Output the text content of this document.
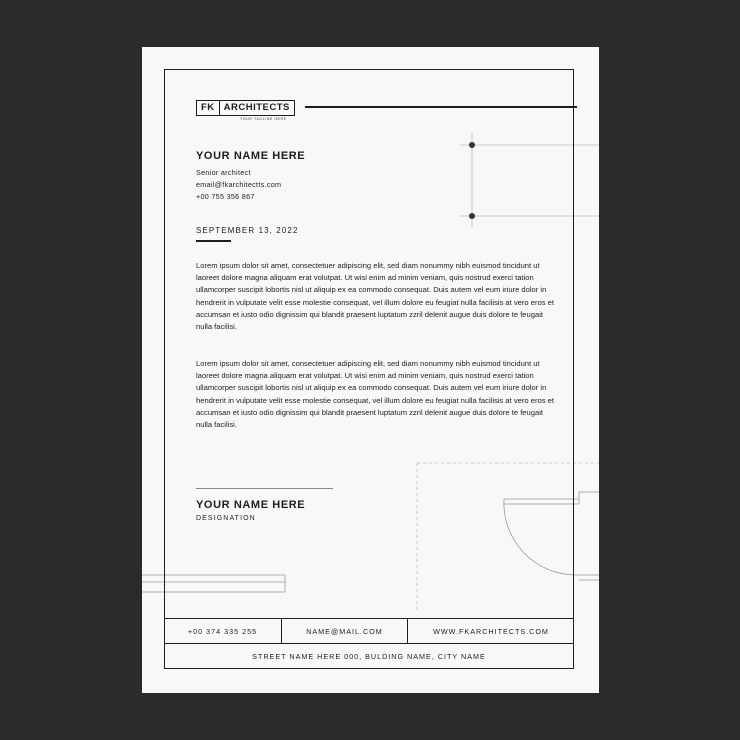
FK ARCHITECTS
YOUR TAGLINE HERE
YOUR NAME HERE
Senior architect
email@fkarchitectts.com
+00 755 356 867
SEPTEMBER 13, 2022

Lorem ipsum dolor sit amet, consectetuer adipiscing elit, sed diam nonummy nibh euismod tincidunt ut laoreet dolore magna aliquam erat volutpat. Ut wisi enim ad minim veniam, quis nostrud exerci tation ullamcorper suscipit lobortis nisl ut aliquip ex ea commodo consequat. Duis autem vel eum iriure dolor in hendrerit in vulputate velit esse molestie consequat, vel illum dolore eu feugiat nulla facilisis at vero eros et accumsan et iusto odio dignissim qui blandit praesent luptatum zzril delenit augue duis dolore te feugait nulla facilisi.

Lorem ipsum dolor sit amet, consectetuer adipiscing elit, sed diam nonummy nibh euismod tincidunt ut laoreet dolore magna aliquam erat volutpat. Ut wisi enim ad minim veniam, quis nostrud exerci tation ullamcorper suscipit lobortis nisl ut aliquip ex ea commodo consequat. Duis autem vel eum iriure dolor in hendrerit in vulputate velit esse molestie consequat, vel illum dolore eu feugiat nulla facilisis at vero eros et accumsan et iusto odio dignissim qui blandit praesent luptatum zzril delenit augue duis dolore te feugait nulla facilisi.

YOUR NAME HERE
DESIGNATION
+00 374 335 255	NAME@MAIL.COM	WWW.FKARCHITECTS.COM
STREET NAME HERE 000, BULDING NAME, CITY NAME
